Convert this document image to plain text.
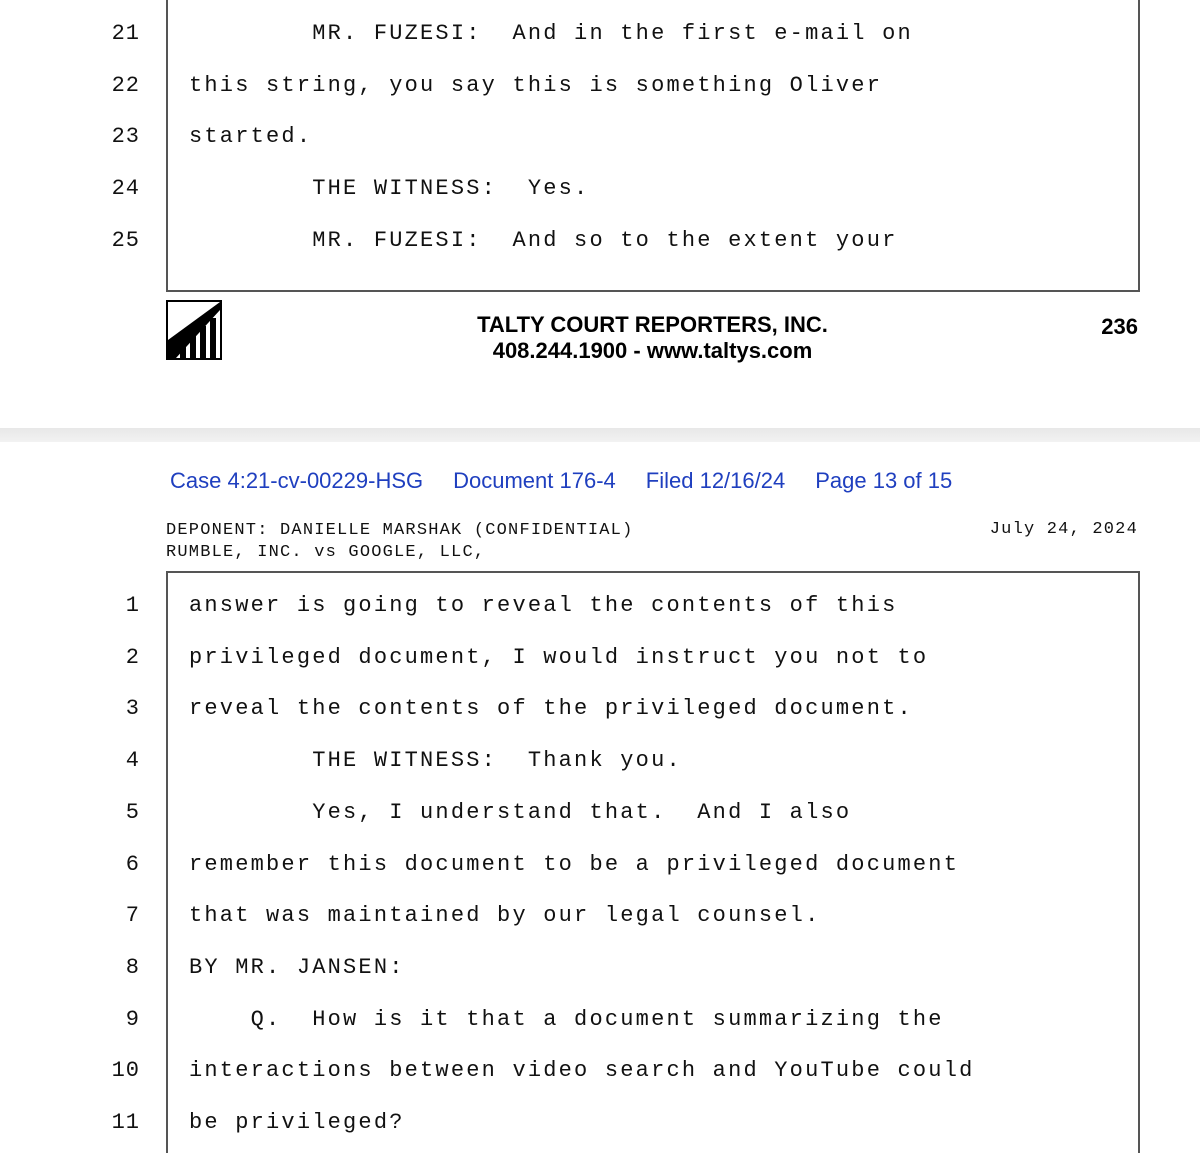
21 MR. FUZESI:  And in the first e-mail on
22 this string, you say this is something Oliver
23 started.
24 THE WITNESS:  Yes.
25 MR. FUZESI:  And so to the extent your
TALTY COURT REPORTERS, INC.
408.244.1900 - www.taltys.com
236
Case 4:21-cv-00229-HSG Document 176-4 Filed 12/16/24 Page 13 of 15
DEPONENT: DANIELLE MARSHAK (CONFIDENTIAL)
RUMBLE, INC. vs GOOGLE, LLC,
July 24, 2024
1 answer is going to reveal the contents of this
2 privileged document, I would instruct you not to
3 reveal the contents of the privileged document.
4 THE WITNESS:  Thank you.
5 Yes, I understand that.  And I also
6 remember this document to be a privileged document
7 that was maintained by our legal counsel.
8 BY MR. JANSEN:
9 Q.  How is it that a document summarizing the
10 interactions between video search and YouTube could
11 be privileged?
